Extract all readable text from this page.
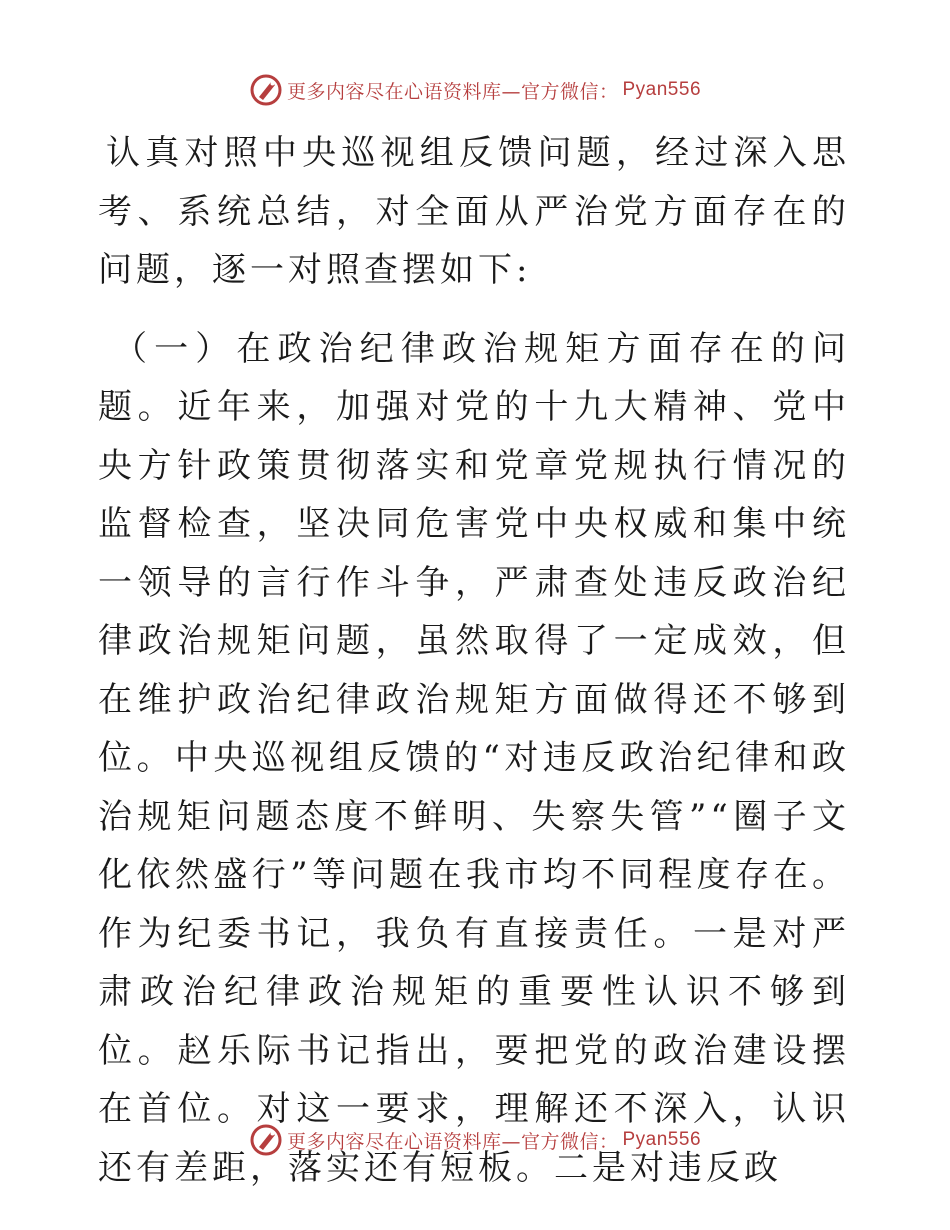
更多内容尽在心语资料库—官方微信： Pyan556

认真对照中央巡视组反馈问题，经过深入思考、系统总结，对全面从严治党方面存在的问题，逐一对照查摆如下:

（一）在政治纪律政治规矩方面存在的问题。近年来，加强对党的十九大精神、党中央方针政策贯彻落实和党章党规执行情况的监督检查，坚决同危害党中央权威和集中统一领导的言行作斗争，严肃查处违反政治纪律政治规矩问题，虽然取得了一定成效，但在维护政治纪律政治规矩方面做得还不够到位。中央巡视组反馈的“对违反政治纪律和政治规矩问题态度不鲜明、失察失管”“圈子文化依然盛行”等问题在我市均不同程度存在。作为纪委书记，我负有直接责任。一是对严肃政治纪律政治规矩的重要性认识不够到位。赵乐际书记指出，要把党的政治建设摆在首位。对这一要求，理解还不深入，认识还有差距，落实还有短板。二是对违反政

更多内容尽在心语资料库—官方微信： Pyan556
